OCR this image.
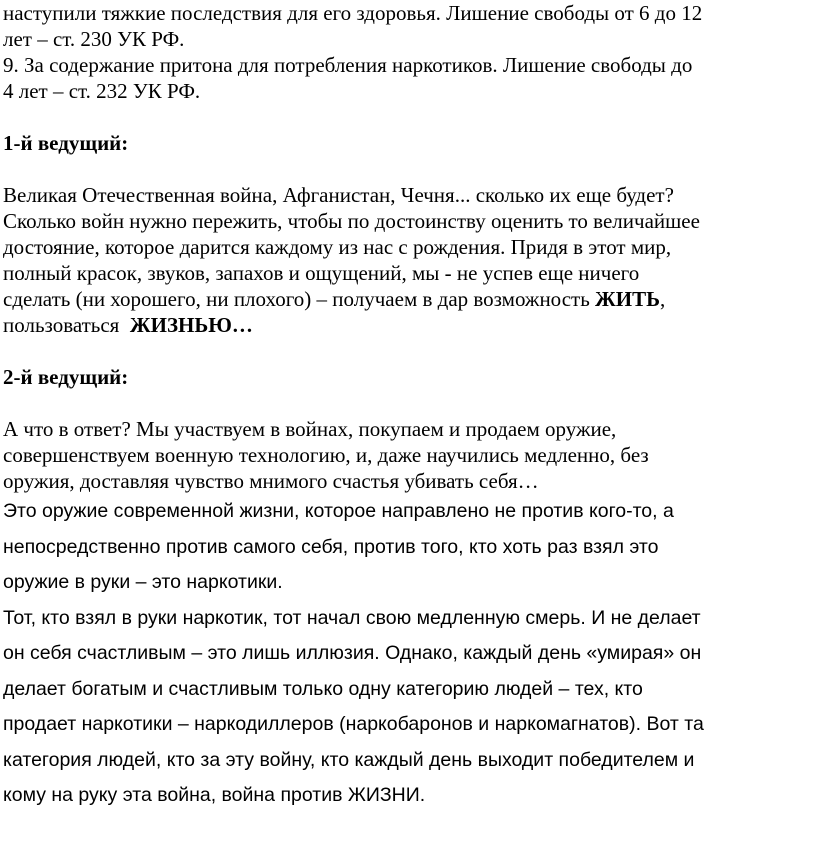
наступили тяжкие последствия для его здоровья. Лишение свободы от 6 до 12
лет – ст. 230 УК РФ.
9. За содержание притона для потребления наркотиков. Лишение свободы до
4 лет – ст. 232 УК РФ.
1-й ведущий:
Великая Отечественная война, Афганистан, Чечня... сколько их еще будет?
Сколько войн нужно пережить, чтобы по достоинству оценить то величайшее
достояние, которое дарится каждому из нас с рождения. Придя в этот мир,
полный красок, звуков, запахов и ощущений, мы - не успев еще ничего
сделать (ни хорошего, ни плохого) – получаем в дар возможность ЖИТЬ,
пользоваться  ЖИЗНЬЮ…
2-й ведущий:
А что в ответ? Мы участвуем в войнах, покупаем и продаем оружие,
совершенствуем военную технологию, и, даже научились медленно, без
оружия, доставляя чувство мнимого счастья убивать себя…
Это оружие современной жизни, которое направлено не против кого-то, а
непосредственно против самого себя, против того, кто хоть раз взял это
оружие в руки – это наркотики.
Тот, кто взял в руки наркотик, тот начал свою медленную смерь. И не делает
он себя счастливым – это лишь иллюзия. Однако, каждый день «умирая» он
делает богатым и счастливым только одну категорию людей – тех, кто
продает наркотики – наркодиллеров (наркобаронов и наркомагнатов). Вот та
категория людей, кто за эту войну, кто каждый день выходит победителем и
кому на руку эта война, война против ЖИЗНИ.
